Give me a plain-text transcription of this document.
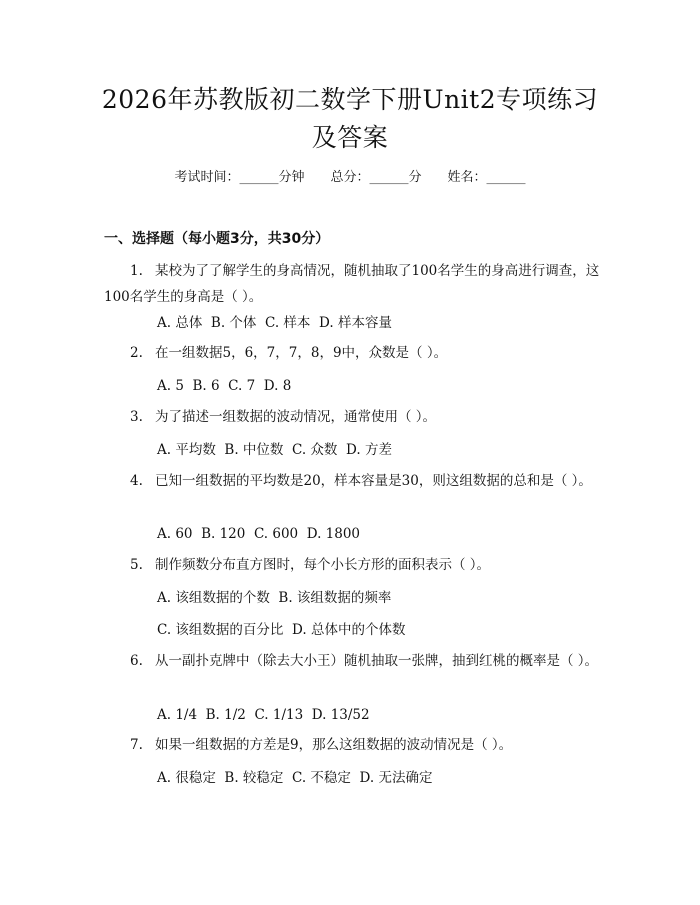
2026年苏教版初二数学下册Unit2专项练习
及答案
考试时间：______分钟　　总分：______分　　姓名：______
一、选择题（每小题3分，共30分）
1. 某校为了了解学生的身高情况，随机抽取了100名学生的身高进行调查，这100名学生的身高是（ ）。
A. 总体  B. 个体  C. 样本  D. 样本容量
2. 在一组数据5，6，7，7，8，9中，众数是（ ）。
A. 5  B. 6  C. 7  D. 8
3. 为了描述一组数据的波动情况，通常使用（ ）。
A. 平均数  B. 中位数  C. 众数  D. 方差
4. 已知一组数据的平均数是20，样本容量是30，则这组数据的总和是（ ）。
A. 60  B. 120  C. 600  D. 1800
5. 制作频数分布直方图时，每个小长方形的面积表示（ ）。
A. 该组数据的个数  B. 该组数据的频率
C. 该组数据的百分比  D. 总体中的个体数
6. 从一副扑克牌中（除去大小王）随机抽取一张牌，抽到红桃的概率是（ ）。
A. 1/4  B. 1/2  C. 1/13  D. 13/52
7. 如果一组数据的方差是9，那么这组数据的波动情况是（ ）。
A. 很稳定  B. 较稳定  C. 不稳定  D. 无法确定
